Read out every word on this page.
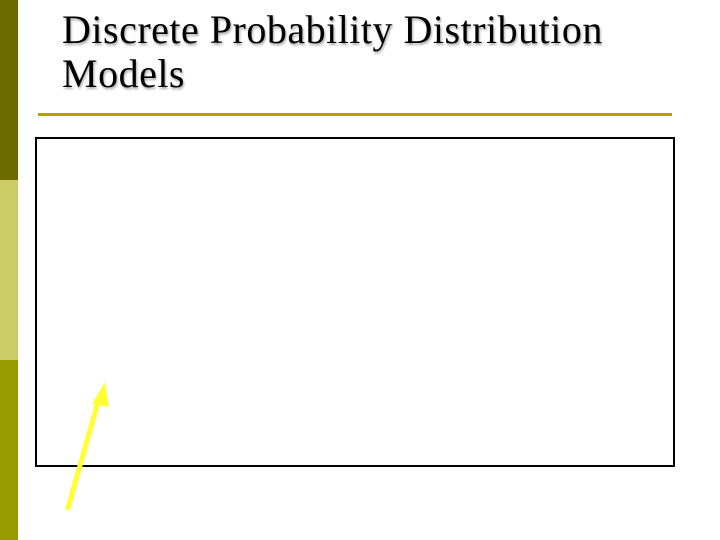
Discrete Probability Distribution
Models
